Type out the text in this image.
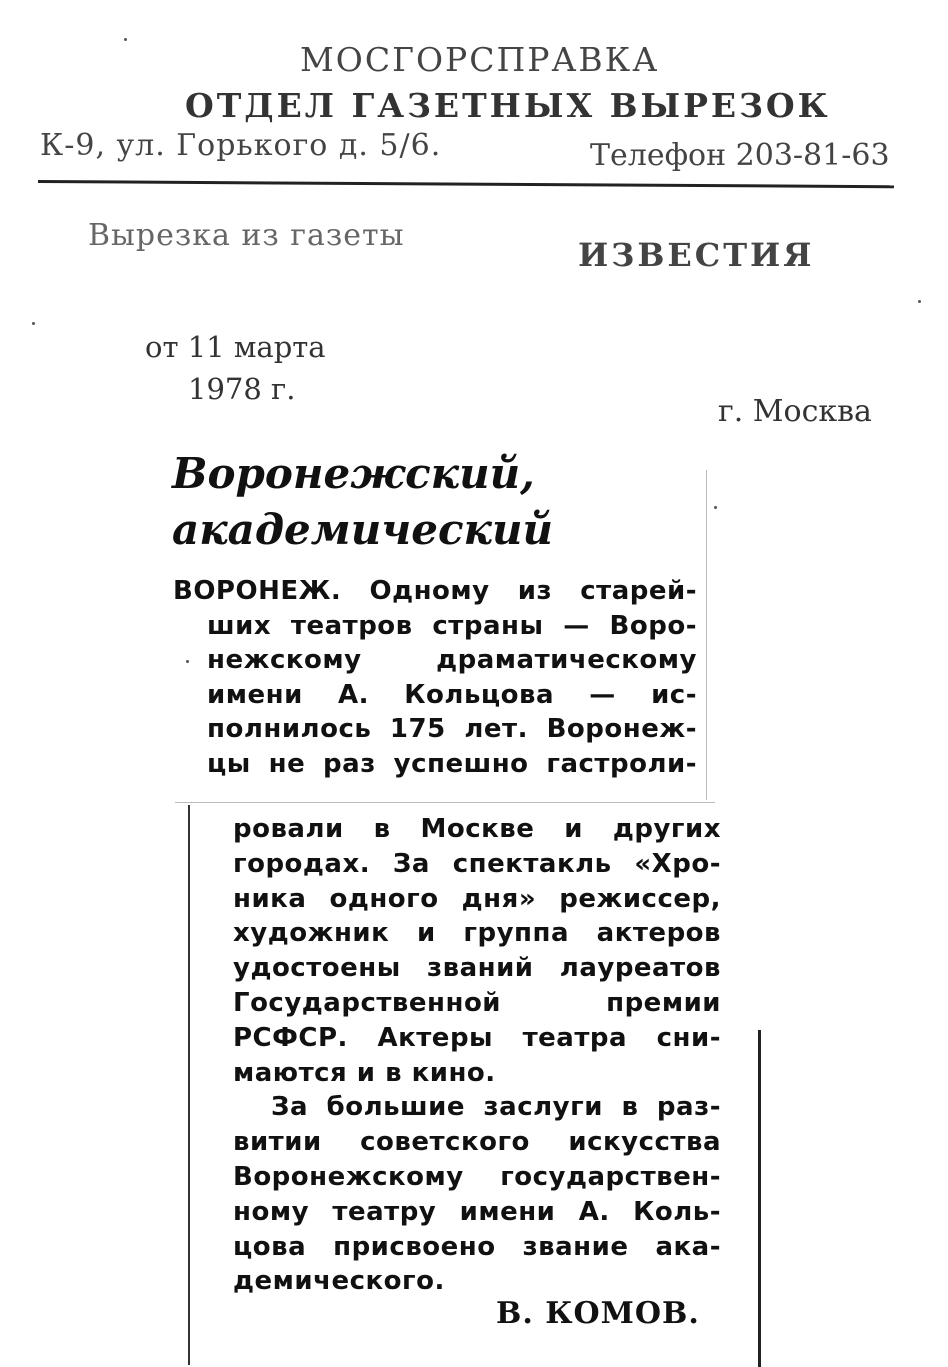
МОСГОРСПРАВКА
ОТДЕЛ ГАЗЕТНЫХ ВЫРЕЗОК
К-9, ул. Горького д. 5/6.	Телефон 203-81-63
Вырезка из газеты
ИЗВЕСТИЯ
от 11 марта
1978 г.
г. Москва
Воронежский,
академический
ВОРОНЕЖ. Одному из старей-
ших театров страны — Воро-
нежскому драматическому
имени А. Кольцова — ис-
полнилось 175 лет. Воронеж-
цы не раз успешно гастроли-
ровали в Москве и других
городах. За спектакль «Хро-
ника одного дня» режиссер,
художник и группа актеров
удостоены званий лауреатов
Государственной премии
РСФСР. Актеры театра сни-
маются и в кино.
За большие заслуги в раз-
витии советского искусства
Воронежскому государствен-
ному театру имени А. Коль-
цова присвоено звание ака-
демического.
В. КОМОВ.
